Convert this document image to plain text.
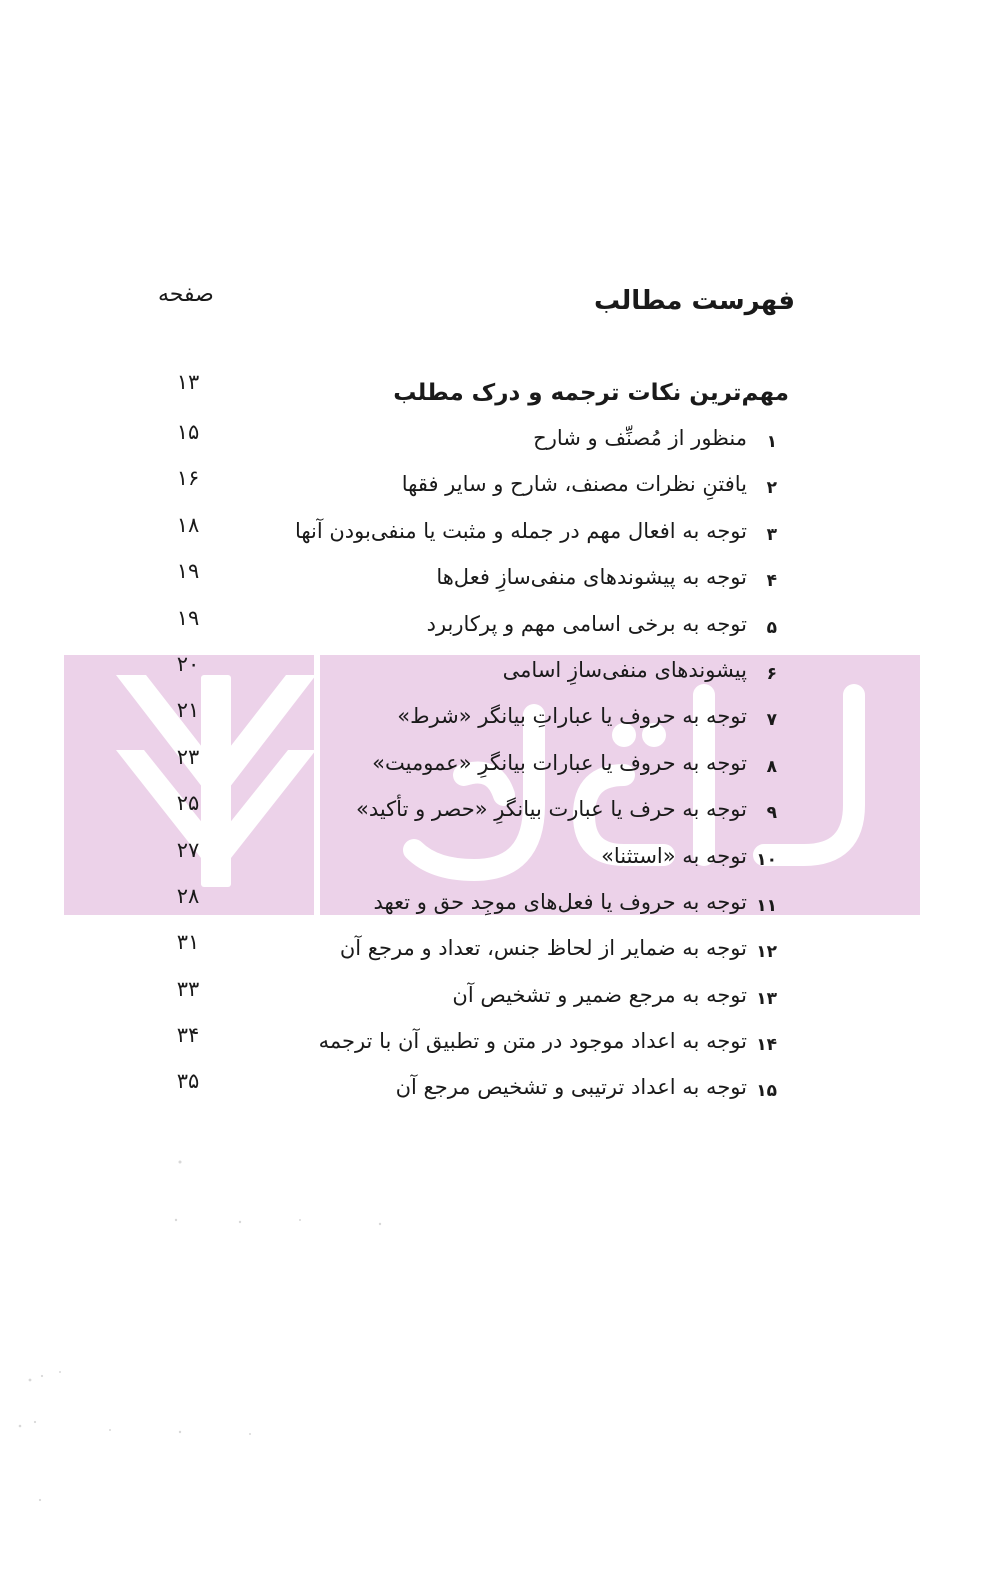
فهرست مطالب
صفحه
مهم‌ترین نکات ترجمه و درک مطلب
۱۳
۱
منظور از مُصنِّف و شارح
۱۵
۲
یافتنِ نظرات مصنف، شارح و سایر فقها
۱۶
۳
توجه به افعال مهم در جمله و مثبت یا منفی‌بودن آنها
۱۸
۴
توجه به پیشوندهای منفی‌سازِ فعل‌ها
۱۹
۵
توجه به برخی اسامی مهم و پرکاربرد
۱۹
۶
پیشوندهای منفی‌سازِ اسامی
۲۰
۷
توجه به حروف یا عباراتِ بیانگر «شرط»
۲۱
۸
توجه به حروف یا عبارات بیانگرِ «عمومیت»
۲۳
۹
توجه به حرف یا عبارت بیانگرِ «حصر و تأکید»
۲۵
۱۰
توجه به «استثنا»
۲۷
۱۱
توجه به حروف یا فعل‌های موجِد حق و تعهد
۲۸
۱۲
توجه به ضمایر از لحاظ جنس، تعداد و مرجع آن
۳۱
۱۳
توجه به مرجع ضمیر و تشخیص آن
۳۳
۱۴
توجه به اعداد موجود در متن و تطبیق آن با ترجمه
۳۴
۱۵
توجه به اعداد ترتیبی و تشخیص مرجع آن
۳۵
